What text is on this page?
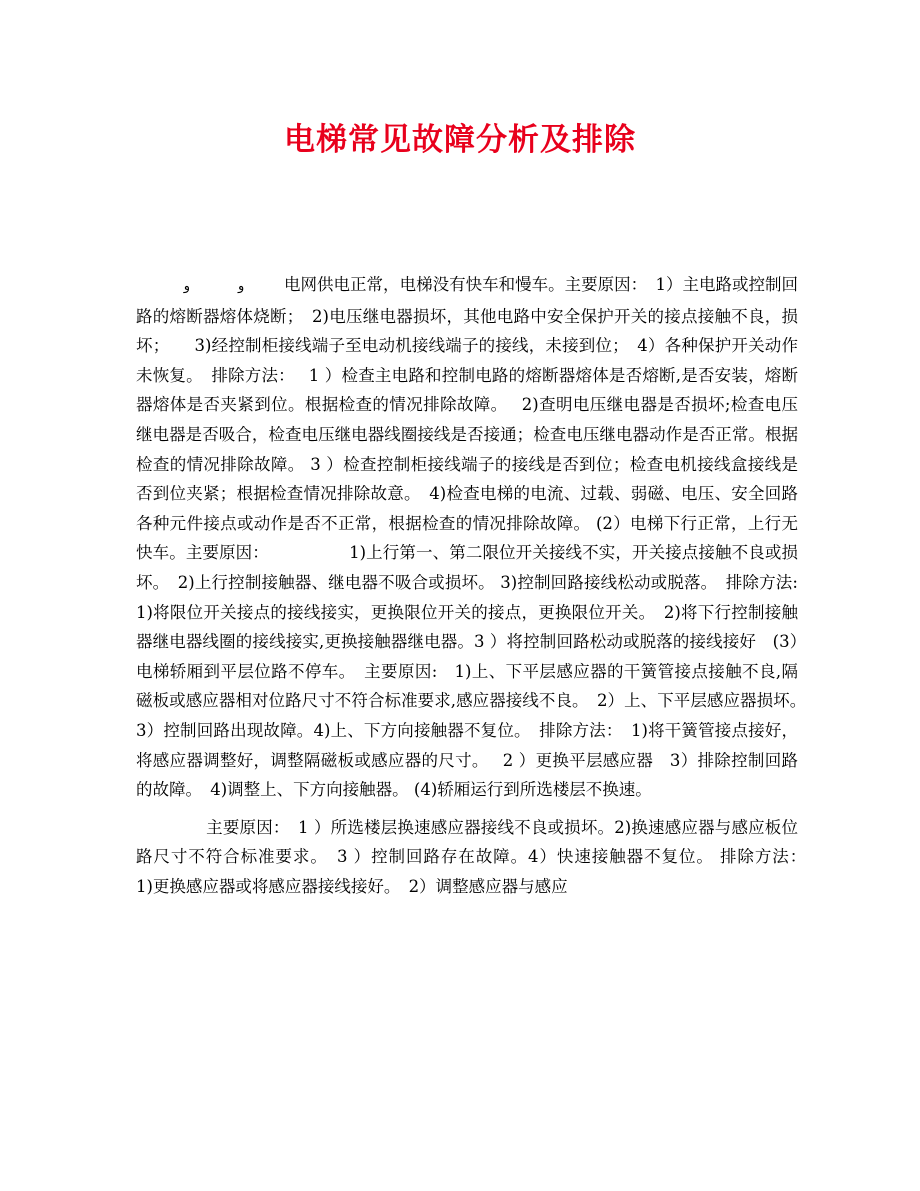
电梯常见故障分析及排除

و	و 电网供电正常，电梯没有快车和慢车。主要原因：　1）主电路或控制回路的熔断器熔体烧断；　2)电压继电器损坏，其他电路中安全保护开关的接点接触不良，损坏；　　3)经控制柜接线端子至电动机接线端子的接线，未接到位；　4）各种保护开关动作未恢复。　排除方法：　 1 ）检查主电路和控制电路的熔断器熔体是否熔断,是否安装，熔断器熔体是否夹紧到位。根据检查的情况排除故障。　 2)查明电压继电器是否损坏;检查电压继电器是否吸合，检查电压继电器线圈接线是否接通；检查电压继电器动作是否正常。根据检查的情况排除故障。 3 ）检查控制柜接线端子的接线是否到位；检查电机接线盒接线是否到位夹紧；根据检查情况排除故意。　4)检查电梯的电流、过载、弱磁、电压、安全回路各种元件接点或动作是否不正常，根据检查的情况排除故障。 (2）电梯下行正常，上行无快车。主要原因：　　　　　 1)上行第一、第二限位开关接线不实，开关接点接触不良或损坏。　2)上行控制接触器、继电器不吸合或损坏。 3)控制回路接线松动或脱落。　排除方法:　　1)将限位开关接点的接线接实，更换限位开关的接点，更换限位开关。　2)将下行控制接触器继电器线圈的接线接实,更换接触器继电器。3 ）将控制回路松动或脱落的接线接好　(3）电梯轿厢到平层位路不停车。　主要原因:　1)上、下平层感应器的干簧管接点接触不良,隔磁板或感应器相对位路尺寸不符合标准要求,感应器接线不良。　2）上、下平层感应器损坏。　3）控制回路出现故障。4)上、下方向接触器不复位。　排除方法：　1)将干簧管接点接好，将感应器调整好，调整隔磁板或感应器的尺寸。　 2 ）更换平层感应器　3）排除控制回路的故障。　4)调整上、下方向接触器。 (4)轿厢运行到所选楼层不换速。

主要原因：　1 ）所选楼层换速感应器接线不良或损坏。2)换速感应器与感应板位路尺寸不符合标准要求。　3 ）控制回路存在故障。4）快速接触器不复位。 排除方法：　 1)更换感应器或将感应器接线接好。　2）调整感应器与感应
